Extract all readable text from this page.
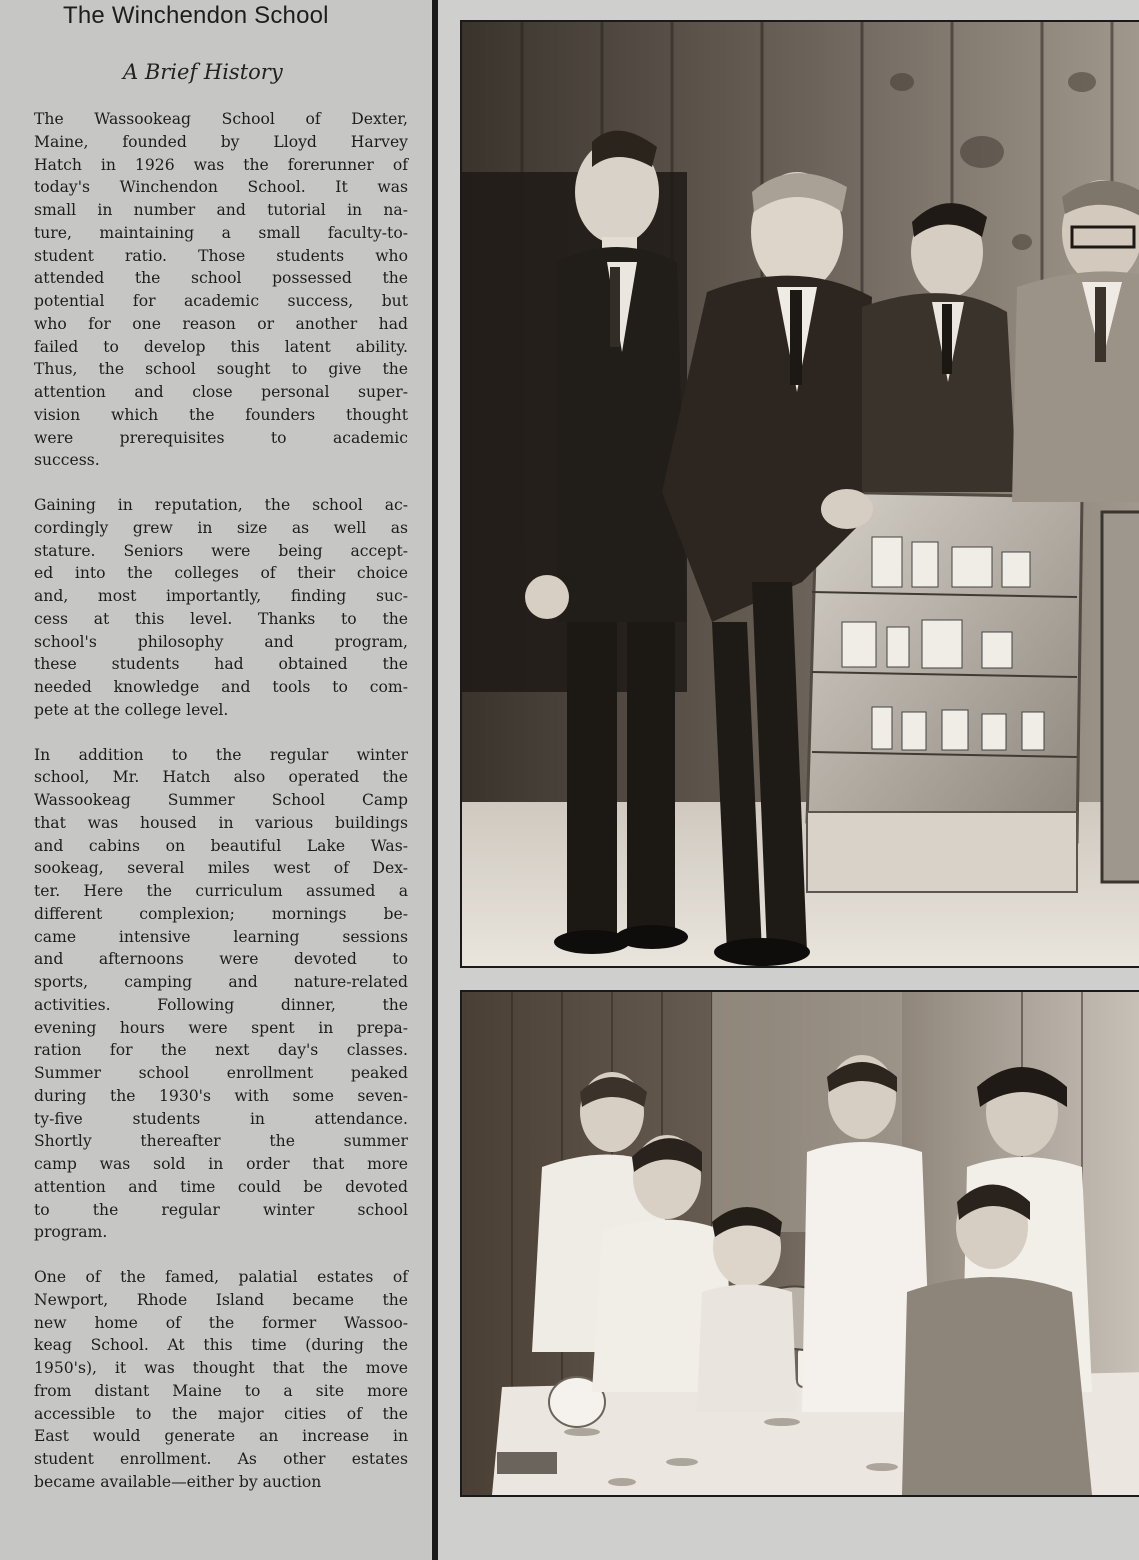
The Winchendon School
A Brief History
The Wassookeag School of Dexter,
Maine, founded by Lloyd Harvey
Hatch in 1926 was the forerunner of
today's Winchendon School. It was
small in number and tutorial in na-
ture, maintaining a small faculty-to-
student ratio. Those students who
attended the school possessed the
potential for academic success, but
who for one reason or another had
failed to develop this latent ability.
Thus, the school sought to give the
attention and close personal super-
vision which the founders thought
were prerequisites to academic
success.
Gaining in reputation, the school ac-
cordingly grew in size as well as
stature. Seniors were being accept-
ed into the colleges of their choice
and, most importantly, finding suc-
cess at this level. Thanks to the
school's philosophy and program,
these students had obtained the
needed knowledge and tools to com-
pete at the college level.
In addition to the regular winter
school, Mr. Hatch also operated the
Wassookeag Summer School Camp
that was housed in various buildings
and cabins on beautiful Lake Was-
sookeag, several miles west of Dex-
ter. Here the curriculum assumed a
different complexion; mornings be-
came intensive learning sessions
and afternoons were devoted to
sports, camping and nature-related
activities. Following dinner, the
evening hours were spent in prepa-
ration for the next day's classes.
Summer school enrollment peaked
during the 1930's with some seven-
ty-five students in attendance.
Shortly thereafter the summer
camp was sold in order that more
attention and time could be devoted
to the regular winter school
program.
One of the famed, palatial estates of
Newport, Rhode Island became the
new home of the former Wassoo-
keag School. At this time (during the
1950's), it was thought that the move
from distant Maine to a site more
accessible to the major cities of the
East would generate an increase in
student enrollment. As other estates
became available—either by auction
